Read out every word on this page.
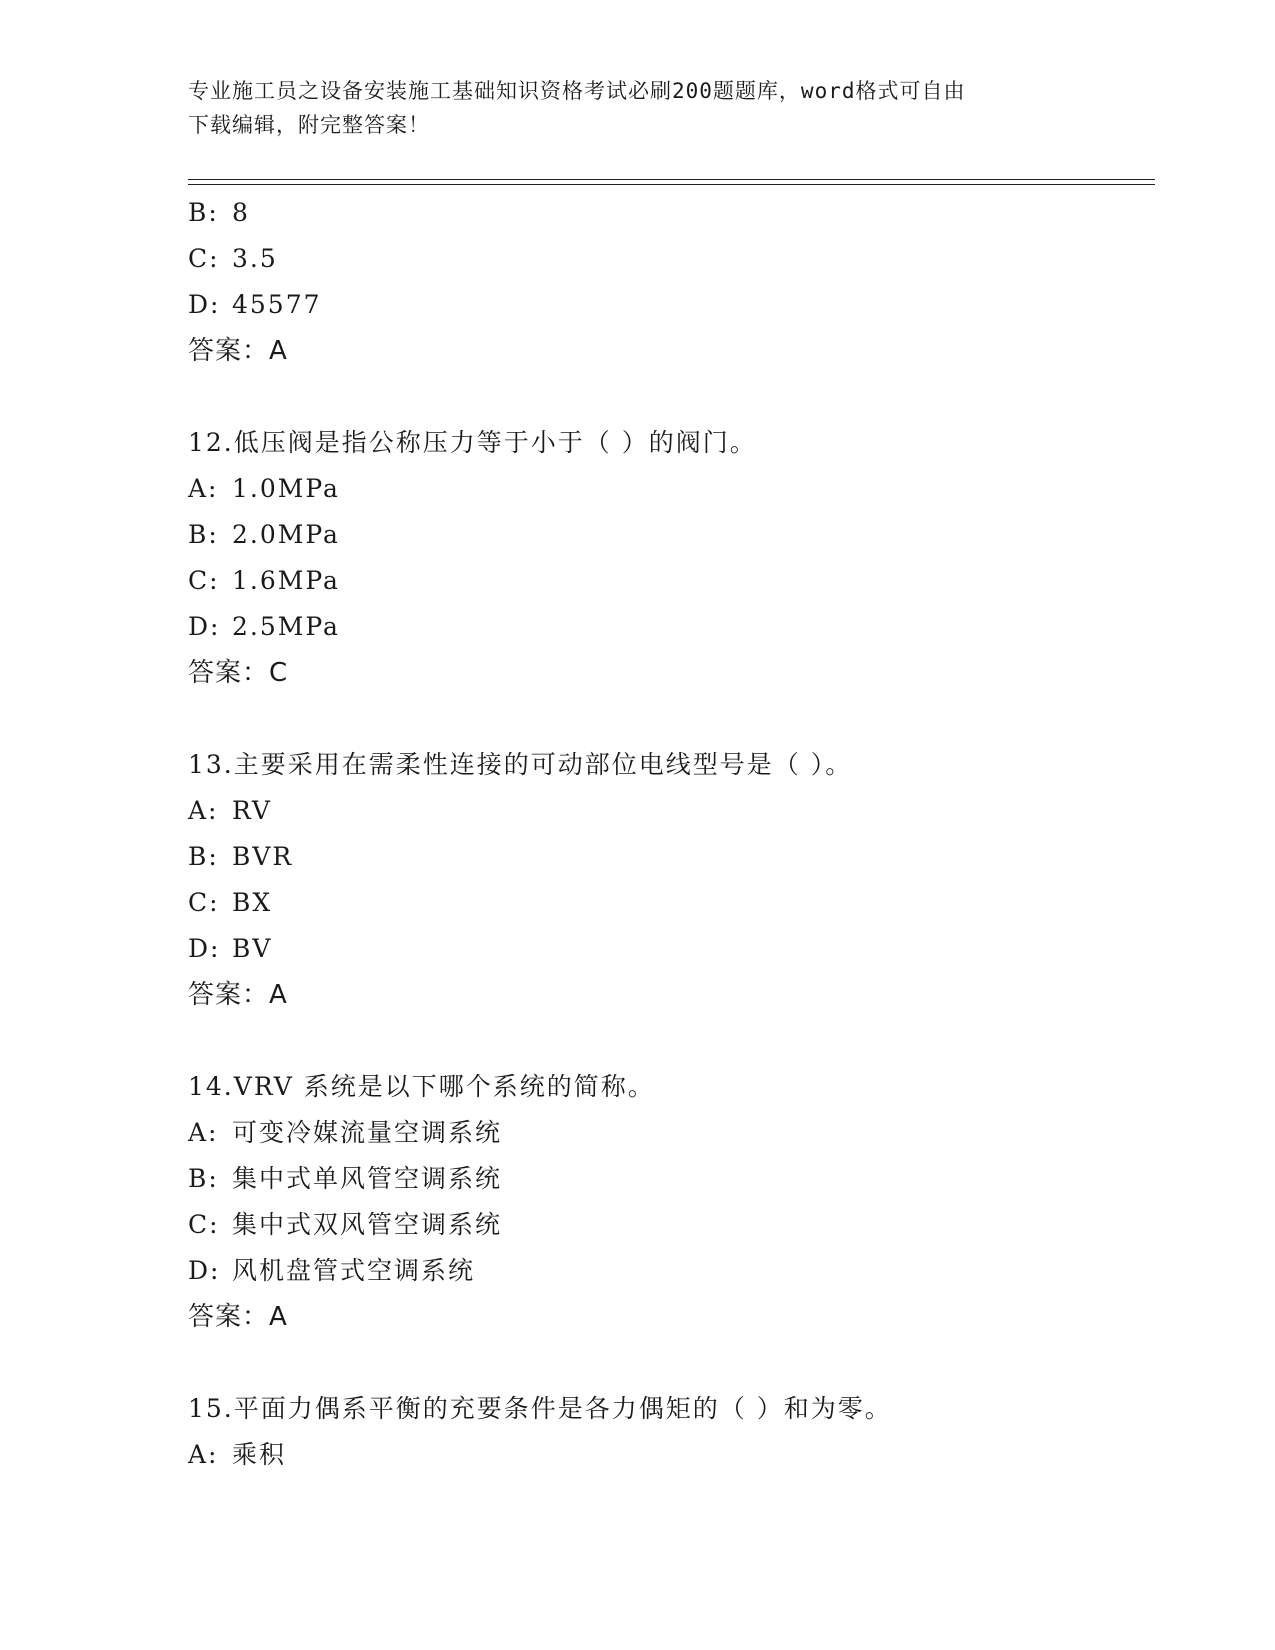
专业施工员之设备安装施工基础知识资格考试必刷200题题库，word格式可自由
下载编辑，附完整答案！
B: 8
C: 3.5
D: 45577
答案：A
12.低压阀是指公称压力等于小于（ ）的阀门。
A: 1.0MPa
B: 2.0MPa
C: 1.6MPa
D: 2.5MPa
答案：C
13.主要采用在需柔性连接的可动部位电线型号是（ ）。
A: RV
B: BVR
C: BX
D: BV
答案：A
14.VRV 系统是以下哪个系统的简称。
A: 可变冷媒流量空调系统
B: 集中式单风管空调系统
C: 集中式双风管空调系统
D: 风机盘管式空调系统
答案：A
15.平面力偶系平衡的充要条件是各力偶矩的（ ）和为零。
A: 乘积
